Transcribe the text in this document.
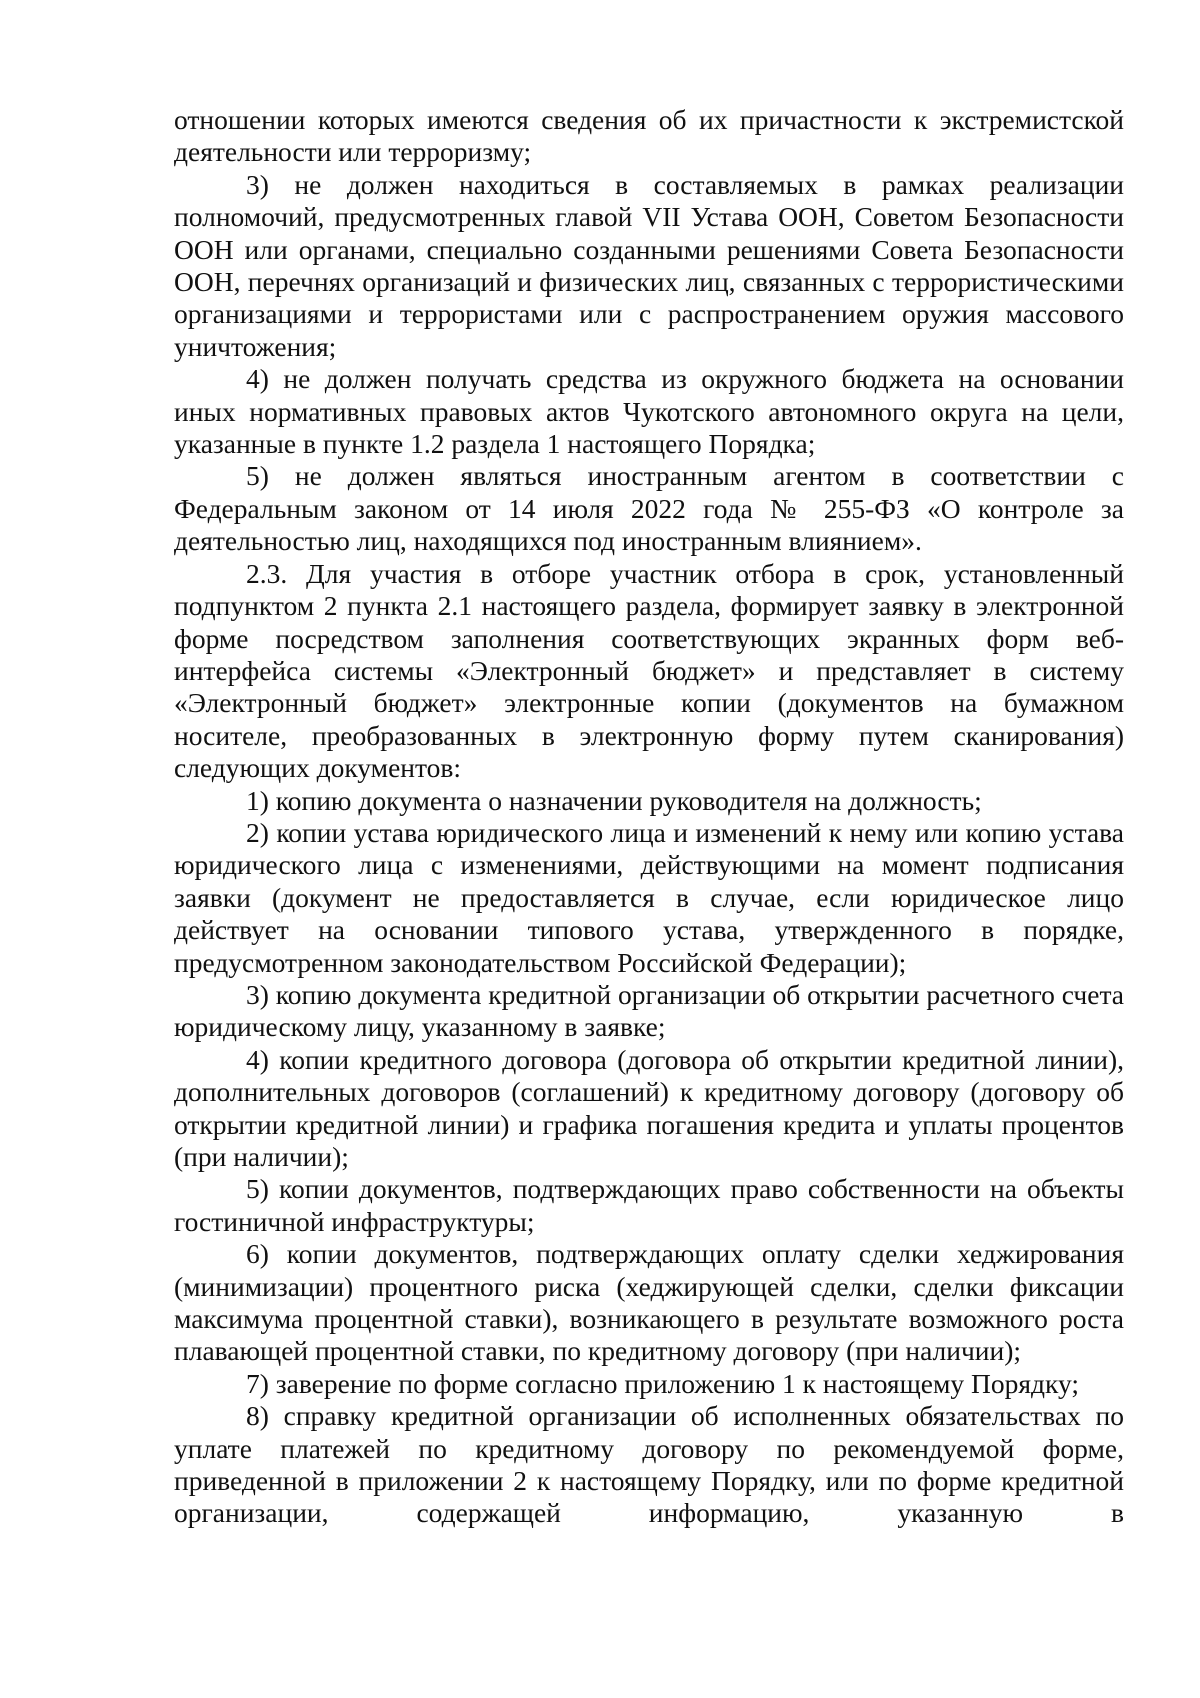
отношении которых имеются сведения об их причастности к экстремистской деятельности или терроризму;

3) не должен находиться в составляемых в рамках реализации полномочий, предусмотренных главой VII Устава ООН, Советом Безопасности ООН или органами, специально созданными решениями Совета Безопасности ООН, перечнях организаций и физических лиц, связанных с террористическими организациями и террористами или с распространением оружия массового уничтожения;

4) не должен получать средства из окружного бюджета на основании иных нормативных правовых актов Чукотского автономного округа на цели, указанные в пункте 1.2 раздела 1 настоящего Порядка;

5) не должен являться иностранным агентом в соответствии с Федеральным законом от 14 июля 2022 года № 255-ФЗ «О контроле за деятельностью лиц, находящихся под иностранным влиянием».

2.3. Для участия в отборе участник отбора в срок, установленный подпунктом 2 пункта 2.1 настоящего раздела, формирует заявку в электронной форме посредством заполнения соответствующих экранных форм веб-интерфейса системы «Электронный бюджет» и представляет в систему «Электронный бюджет» электронные копии (документов на бумажном носителе, преобразованных в электронную форму путем сканирования) следующих документов:

1) копию документа о назначении руководителя на должность;

2) копии устава юридического лица и изменений к нему или копию устава юридического лица с изменениями, действующими на момент подписания заявки (документ не предоставляется в случае, если юридическое лицо действует на основании типового устава, утвержденного в порядке, предусмотренном законодательством Российской Федерации);

3) копию документа кредитной организации об открытии расчетного счета юридическому лицу, указанному в заявке;

4) копии кредитного договора (договора об открытии кредитной линии), дополнительных договоров (соглашений) к кредитному договору (договору об открытии кредитной линии) и графика погашения кредита и уплаты процентов (при наличии);

5) копии документов, подтверждающих право собственности на объекты гостиничной инфраструктуры;

6) копии документов, подтверждающих оплату сделки хеджирования (минимизации) процентного риска (хеджирующей сделки, сделки фиксации максимума процентной ставки), возникающего в результате возможного роста плавающей процентной ставки, по кредитному договору (при наличии);

7) заверение по форме согласно приложению 1 к настоящему Порядку;

8) справку кредитной организации об исполненных обязательствах по уплате платежей по кредитному договору по рекомендуемой форме, приведенной в приложении 2 к настоящему Порядку, или по форме кредитной организации, содержащей информацию, указанную в
